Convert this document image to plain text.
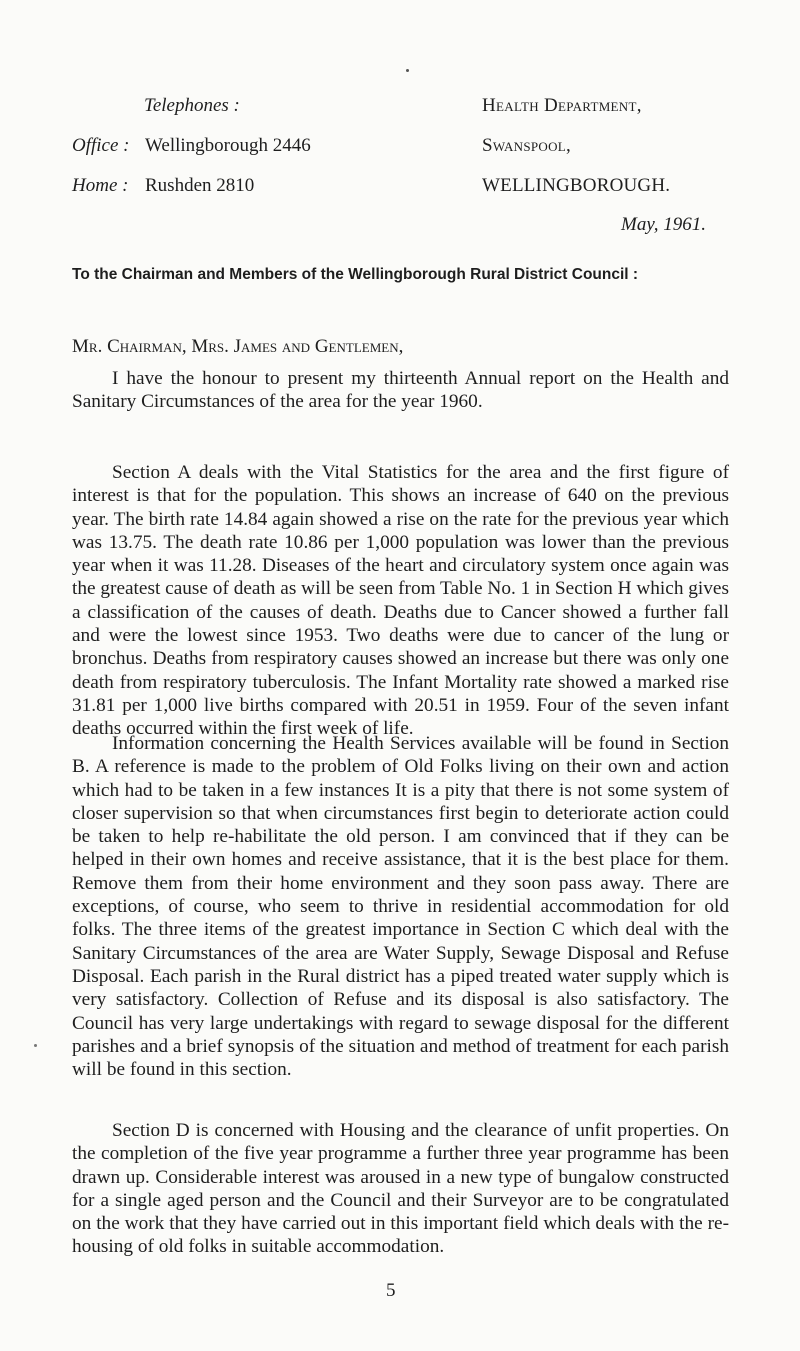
Telephones :
Office : Wellingborough 2446
Home : Rushden 2810
Health Department,
Swanspool,
WELLINGBOROUGH.
May, 1961.
To the Chairman and Members of the Wellingborough Rural District Council :
Mr. Chairman, Mrs. James and Gentlemen,

I have the honour to present my thirteenth Annual report on the Health and Sanitary Circumstances of the area for the year 1960.

Section A deals with the Vital Statistics for the area and the first figure of interest is that for the population. This shows an increase of 640 on the previous year. The birth rate 14.84 again showed a rise on the rate for the previous year which was 13.75. The death rate 10.86 per 1,000 population was lower than the previous year when it was 11.28. Diseases of the heart and circulatory system once again was the greatest cause of death as will be seen from Table No. 1 in Section H which gives a classification of the causes of death. Deaths due to Cancer showed a further fall and were the lowest since 1953. Two deaths were due to cancer of the lung or bronchus. Deaths from respiratory causes showed an increase but there was only one death from respiratory tuberculosis. The Infant Mortality rate showed a marked rise 31.81 per 1,000 live births compared with 20.51 in 1959. Four of the seven infant deaths occurred within the first week of life.

Information concerning the Health Services available will be found in Section B. A reference is made to the problem of Old Folks living on their own and action which had to be taken in a few instances It is a pity that there is not some system of closer supervision so that when circumstances first begin to deteriorate action could be taken to help re-habilitate the old person. I am convinced that if they can be helped in their own homes and receive assistance, that it is the best place for them. Remove them from their home environment and they soon pass away. There are exceptions, of course, who seem to thrive in residential accommodation for old folks. The three items of the greatest importance in Section C which deal with the Sanitary Circumstances of the area are Water Supply, Sewage Disposal and Refuse Disposal. Each parish in the Rural district has a piped treated water supply which is very satisfactory. Collection of Refuse and its disposal is also satisfactory. The Council has very large undertakings with regard to sewage disposal for the different parishes and a brief synopsis of the situation and method of treatment for each parish will be found in this section.

Section D is concerned with Housing and the clearance of unfit properties. On the completion of the five year programme a further three year programme has been drawn up. Considerable interest was aroused in a new type of bungalow constructed for a single aged person and the Council and their Surveyor are to be congratulated on the work that they have carried out in this important field which deals with the re-housing of old folks in suitable accommodation.

5
